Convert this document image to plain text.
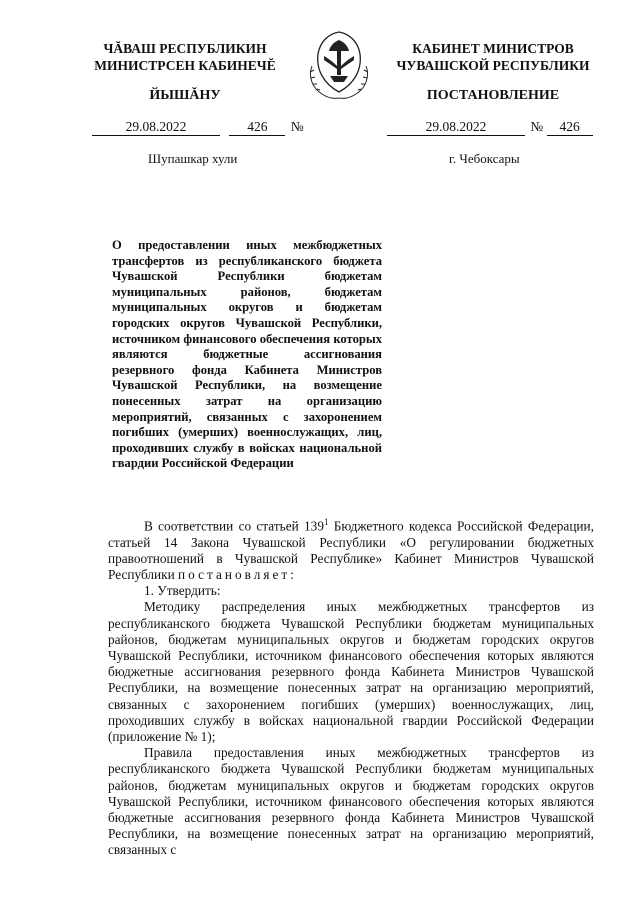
ЧĂВАШ РЕСПУБЛИКИН
МИНИСТРСЕН КАБИНЕЧĔ
КАБИНЕТ МИНИСТРОВ
ЧУВАШСКОЙ РЕСПУБЛИКИ
ЙЫШĂНУ	ПОСТАНОВЛЕНИЕ
29.08.2022	426 №	29.08.2022	№ 426
Шупашкар хули	г. Чебоксары
О предоставлении иных межбюджетных трансфертов из республиканского бюджета Чувашской Республики бюджетам муниципальных районов, бюджетам муниципальных округов и бюджетам городских округов Чувашской Республики, источником финансового обеспечения которых являются бюджетные ассигнования резервного фонда Кабинета Министров Чувашской Республики, на возмещение понесенных затрат на организацию мероприятий, связанных с захоронением погибших (умерших) военнослужащих, лиц, проходивших службу в войсках национальной гвардии Российской Федерации

В соответствии со статьей $139^1$ Бюджетного кодекса Российской Федерации, статьей 14 Закона Чувашской Республики «О регулировании бюджетных правоотношений в Чувашской Республике» Кабинет Министров Чувашской Республики постановляет:

1. Утвердить:

Методику распределения иных межбюджетных трансфертов из республиканского бюджета Чувашской Республики бюджетам муниципальных районов, бюджетам муниципальных округов и бюджетам городских округов Чувашской Республики, источником финансового обеспечения которых являются бюджетные ассигнования резервного фонда Кабинета Министров Чувашской Республики, на возмещение понесенных затрат на организацию мероприятий, связанных с захоронением погибших (умерших) военнослужащих, лиц, проходивших службу в войсках национальной гвардии Российской Федерации (приложение № 1);

Правила предоставления иных межбюджетных трансфертов из республиканского бюджета Чувашской Республики бюджетам муниципальных районов, бюджетам муниципальных округов и бюджетам городских округов Чувашской Республики, источником финансового обеспечения которых являются бюджетные ассигнования резервного фонда Кабинета Министров Чувашской Республики, на возмещение понесенных затрат на организацию мероприятий, связанных с
